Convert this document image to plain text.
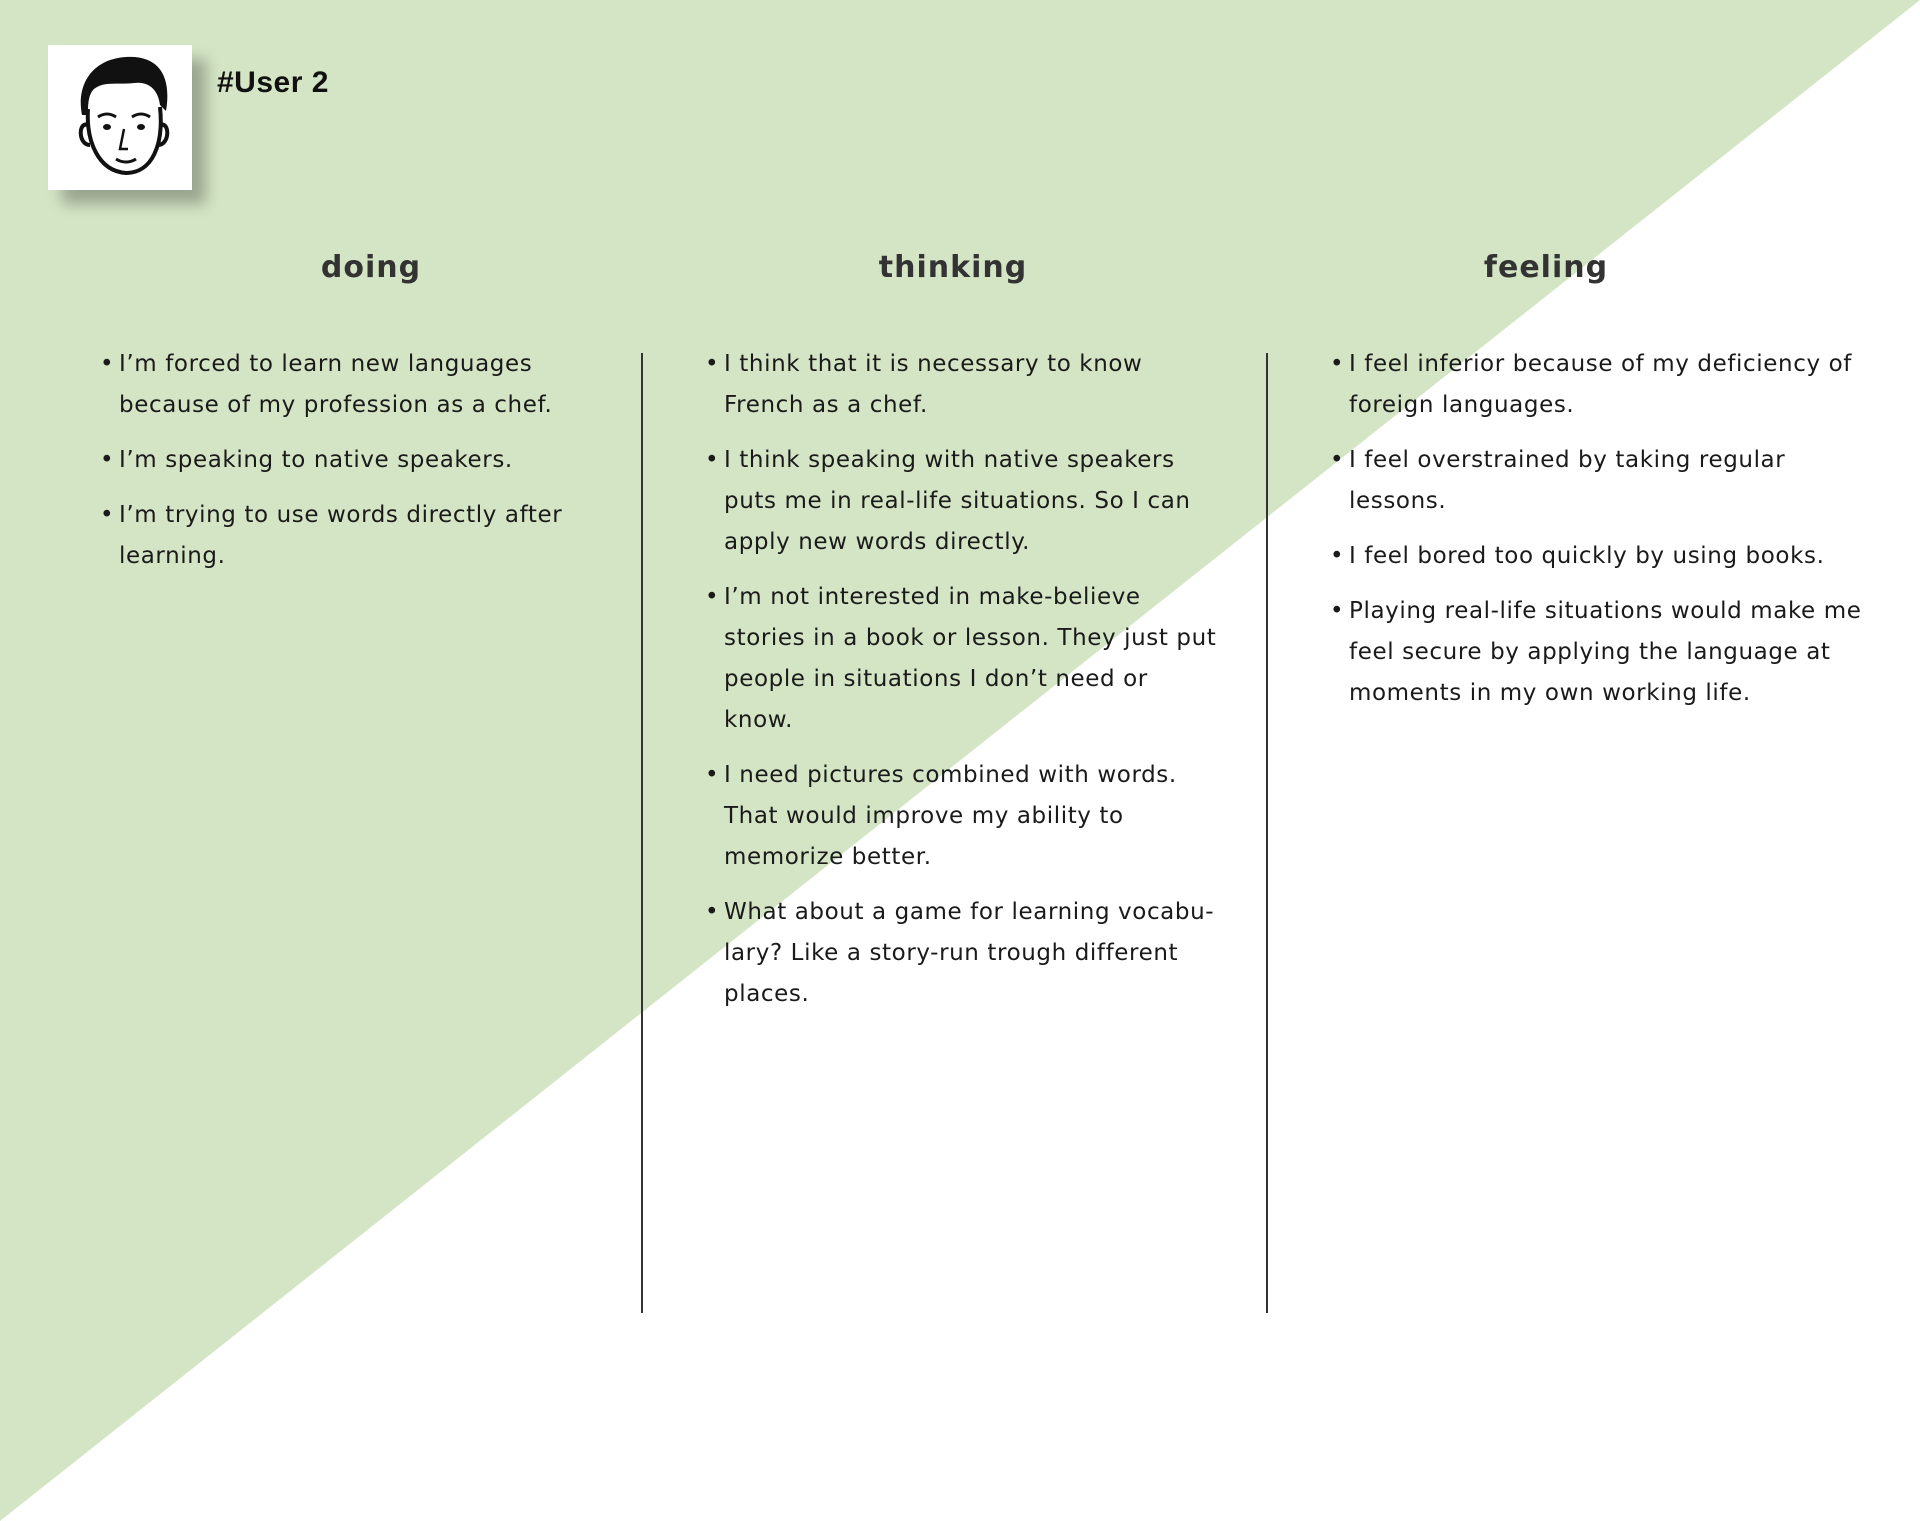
#User 2
doing	thinking	feeling
• I’m forced to learn new languages because of my profession as a chef.
• I’m speaking to native speakers.
• I’m trying to use words directly after learning.
• I think that it is necessary to know French as a chef.
• I think speaking with native speakers puts me in real-life situations. So I can apply new words directly.
• I’m not interested in make-believe stories in a book or lesson. They just put people in situations I don’t need or know.
• I need pictures combined with words. That would improve my ability to memorize better.
• What about a game for learning vocabu-lary? Like a story-run trough different places.
• I feel inferior because of my deficiency of foreign languages.
• I feel overstrained by taking regular lessons.
• I feel bored too quickly by using books.
• Playing real-life situations would make me feel secure by applying the language at moments in my own working life.
